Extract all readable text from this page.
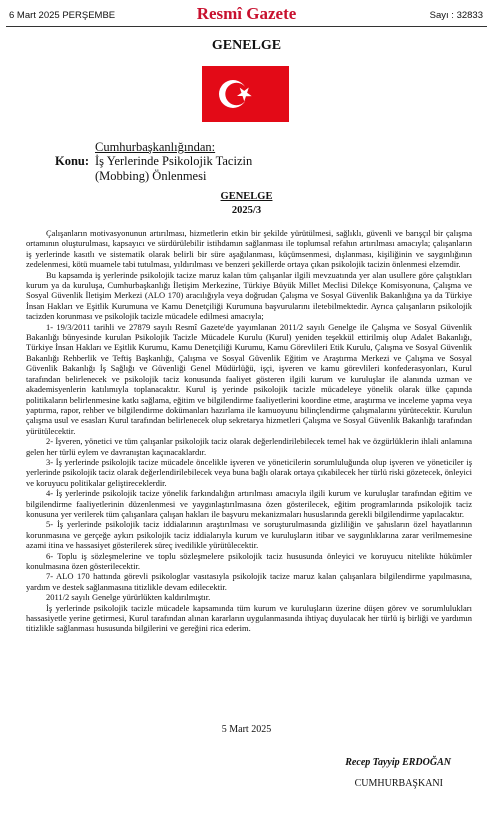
6 Mart 2025 PERŞEMBE	Resmî Gazete	Sayı : 32833
GENELGE
Cumhurbaşkanlığından:
Konu: İş Yerlerinde Psikolojik Tacizin
(Mobbing) Önlenmesi
GENELGE
2025/3

Çalışanların motivasyonunun artırılması, hizmetlerin etkin bir şekilde yürütülmesi, sağlıklı, güvenli ve barışçıl bir çalışma ortamının oluşturulması, kapsayıcı ve sürdürülebilir istihdamın sağlanması ile toplumsal refahın artırılması amacıyla; çalışanların iş yerlerinde kasıtlı ve sistematik olarak belirli bir süre aşağılanması, küçümsenmesi, dışlanması, kişiliğinin ve saygınlığının zedelenmesi, kötü muamele tabi tutulması, yıldırılması ve benzeri şekillerde ortaya çıkan psikolojik tacizin önlenmesi elzemdir.

Bu kapsamda iş yerlerinde psikolojik tacize maruz kalan tüm çalışanlar ilgili mevzuatında yer alan usullere göre çalıştıkları kurum ya da kuruluşa, Cumhurbaşkanlığı İletişim Merkezine, Türkiye Büyük Millet Meclisi Dilekçe Komisyonuna, Çalışma ve Sosyal Güvenlik İletişim Merkezi (ALO 170) aracılığıyla veya doğrudan Çalışma ve Sosyal Güvenlik Bakanlığına ya da Türkiye İnsan Hakları ve Eşitlik Kurumuna ve Kamu Denetçiliği Kurumuna başvurularını iletebilmektedir. Ayrıca çalışanların psikolojik tacizden korunması ve psikolojik tacizle mücadele edilmesi amacıyla;

1- 19/3/2011 tarihli ve 27879 sayılı Resmî Gazete'de yayımlanan 2011/2 sayılı Genelge ile Çalışma ve Sosyal Güvenlik Bakanlığı bünyesinde kurulan Psikolojik Tacizle Mücadele Kurulu (Kurul) yeniden teşekkül ettirilmiş olup Adalet Bakanlığı, Türkiye İnsan Hakları ve Eşitlik Kurumu, Kamu Denetçiliği Kurumu, Kamu Görevlileri Etik Kurulu, Çalışma ve Sosyal Güvenlik Bakanlığı Rehberlik ve Teftiş Başkanlığı, Çalışma ve Sosyal Güvenlik Eğitim ve Araştırma Merkezi ve Çalışma ve Sosyal Güvenlik Bakanlığı İş Sağlığı ve Güvenliği Genel Müdürlüğü, işçi, işveren ve kamu görevlileri konfederasyonları, Kurul tarafından belirlenecek ve psikolojik taciz konusunda faaliyet gösteren ilgili kurum ve kuruluşlar ile alanında uzman ve akademisyenlerin katılımıyla toplanacaktır. Kurul iş yerinde psikolojik tacizle mücadeleye yönelik olarak ülke çapında politikaların belirlenmesine katkı sağlama, eğitim ve bilgilendirme faaliyetlerini koordine etme, araştırma ve inceleme yapma veya yaptırma, rapor, rehber ve bilgilendirme dokümanları hazırlama ile kamuoyunu bilinçlendirme çalışmalarını yürütecektir. Kurulun çalışma usul ve esasları Kurul tarafından belirlenecek olup sekretarya hizmetleri Çalışma ve Sosyal Güvenlik Bakanlığı tarafından yürütülecektir.

2- İşveren, yönetici ve tüm çalışanlar psikolojik taciz olarak değerlendirilebilecek temel hak ve özgürlüklerin ihlali anlamına gelen her türlü eylem ve davranıştan kaçınacaklardır.

3- İş yerlerinde psikolojik tacize mücadele öncelikle işveren ve yöneticilerin sorumluluğunda olup işveren ve yöneticiler iş yerlerinde psikolojik taciz olarak değerlendirilebilecek veya buna bağlı olarak ortaya çıkabilecek her türlü riski gözetecek, önleyici ve koruyucu politikalar geliştireceklerdir.

4- İş yerlerinde psikolojik tacize yönelik farkındalığın artırılması amacıyla ilgili kurum ve kuruluşlar tarafından eğitim ve bilgilendirme faaliyetlerinin düzenlenmesi ve yaygınlaştırılmasına özen gösterilecek, eğitim programlarında psikolojik taciz konusuna yer verilerek tüm çalışanlara çalışan hakları ile başvuru mekanizmaları hususlarında gerekli bilgilendirme yapılacaktır.

5- İş yerlerinde psikolojik taciz iddialarının araştırılması ve soruşturulmasında gizliliğin ve şahısların özel hayatlarının korunmasına ve gerçeğe aykırı psikolojik taciz iddialarıyla kurum ve kuruluşların itibar ve saygınlıklarına zarar verilmemesine azami itina ve hassasiyet gösterilerek süreç ivedilikle yürütülecektir.

6- Toplu iş sözleşmelerine ve toplu sözleşmelere psikolojik taciz hususunda önleyici ve koruyucu nitelikte hükümler konulmasına özen gösterilecektir.

7- ALO 170 hattında görevli psikologlar vasıtasıyla psikolojik tacize maruz kalan çalışanlara bilgilendirme yapılmasına, yardım ve destek sağlanmasına titizlikle devam edilecektir.

2011/2 sayılı Genelge yürürlükten kaldırılmıştır.

İş yerlerinde psikolojik tacizle mücadele kapsamında tüm kurum ve kuruluşların üzerine düşen görev ve sorumlulukları hassasiyetle yerine getirmesi, Kurul tarafından alınan kararların uygulanmasında ihtiyaç duyulacak her türlü iş birliği ve yardımın titizlikle sağlanması hususunda bilgilerini ve gereğini rica ederim.

5 Mart 2025
Recep Tayyip ERDOĞAN
CUMHURBAŞKANI
